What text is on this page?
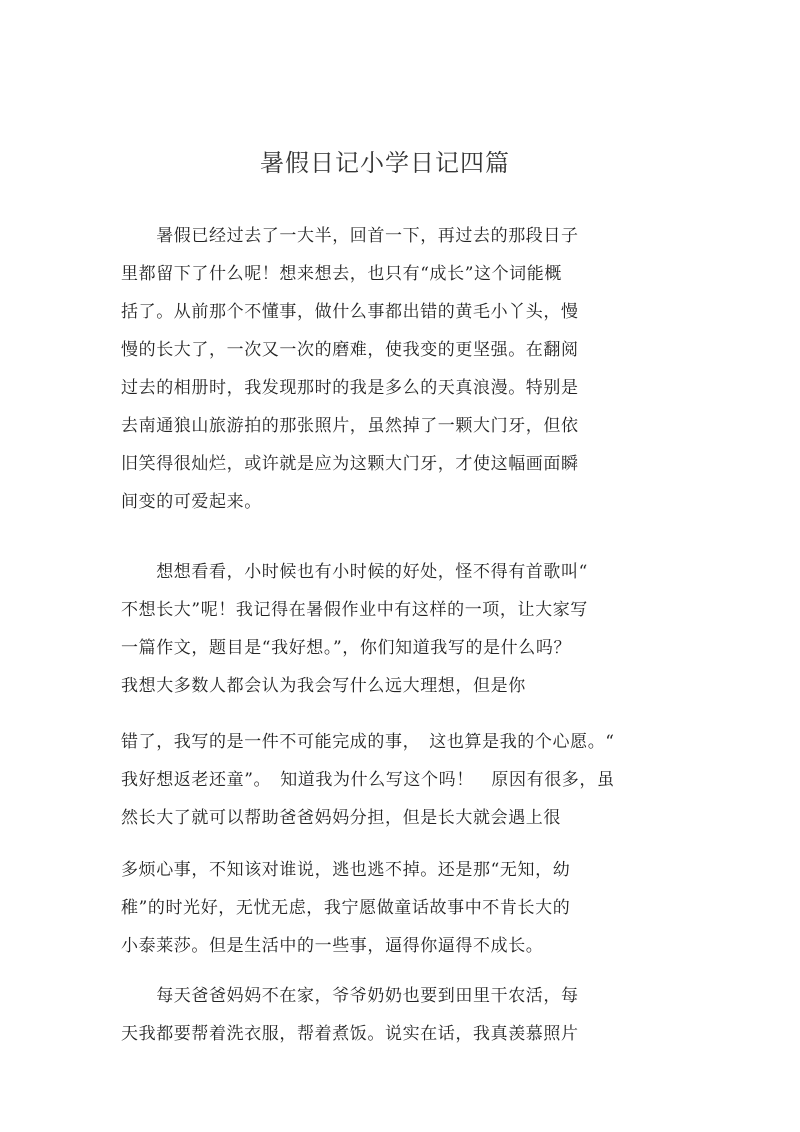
暑假日记小学日记四篇
　　暑假已经过去了一大半，回首一下，再过去的那段日子
里都留下了什么呢！想来想去，也只有“成长”这个词能概
括了。从前那个不懂事，做什么事都出错的黄毛小丫头，慢
慢的长大了，一次又一次的磨难，使我变的更坚强。在翻阅
过去的相册时，我发现那时的我是多么的天真浪漫。特别是
去南通狼山旅游拍的那张照片，虽然掉了一颗大门牙，但依
旧笑得很灿烂，或许就是应为这颗大门牙，才使这幅画面瞬
间变的可爱起来。
　　想想看看，小时候也有小时候的好处，怪不得有首歌叫“
不想长大”呢！我记得在暑假作业中有这样的一项，让大家写
一篇作文，题目是“我好想。”，你们知道我写的是什么吗？
我想大多数人都会认为我会写什么远大理想，但是你
错了，我写的是一件不可能完成的事，　这也算是我的个心愿。“
我好想返老还童”。　知道我为什么写这个吗！　原因有很多，虽
然长大了就可以帮助爸爸妈妈分担，但是长大就会遇上很
多烦心事，不知该对谁说，逃也逃不掉。还是那“无知，幼
稚”的时光好，无忧无虑，我宁愿做童话故事中不肯长大的
小泰莱莎。但是生活中的一些事，逼得你逼得不成长。
　　每天爸爸妈妈不在家，爷爷奶奶也要到田里干农活，每
天我都要帮着洗衣服，帮着煮饭。说实在话，我真羡慕照片
